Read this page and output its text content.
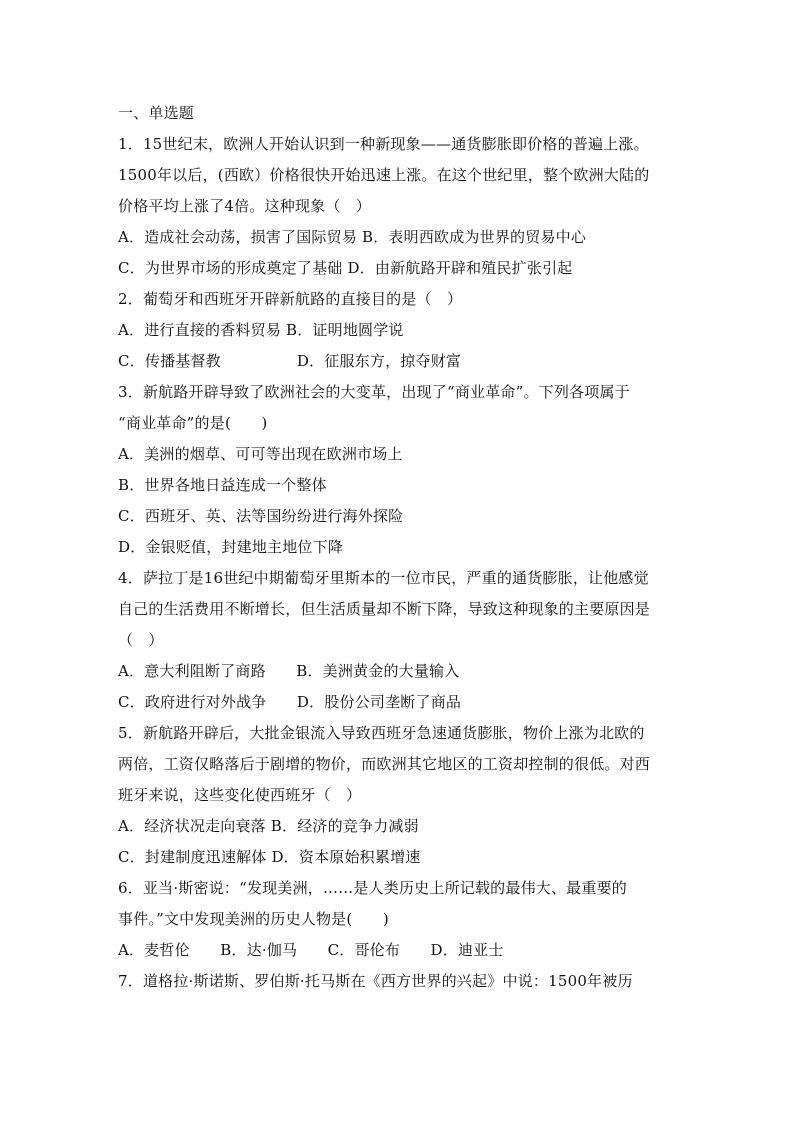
一、单选题
1．15世纪末，欧洲人开始认识到一种新现象——通货膨胀即价格的普遍上涨。
1500年以后，(西欧）价格很快开始迅速上涨。在这个世纪里，整个欧洲大陆的
价格平均上涨了4倍。这种现象（　）
A．造成社会动荡，损害了国际贸易 B．表明西欧成为世界的贸易中心
C．为世界市场的形成奠定了基础 D．由新航路开辟和殖民扩张引起
2．葡萄牙和西班牙开辟新航路的直接目的是（　）
A．进行直接的香料贸易 B．证明地圆学说
C．传播基督教　　　　　D．征服东方，掠夺财富
3．新航路开辟导致了欧洲社会的大变革，出现了“商业革命”。下列各项属于
“商业革命”的是(　　)
A．美洲的烟草、可可等出现在欧洲市场上
B．世界各地日益连成一个整体
C．西班牙、英、法等国纷纷进行海外探险
D．金银贬值，封建地主地位下降
4．萨拉丁是16世纪中期葡萄牙里斯本的一位市民，严重的通货膨胀，让他感觉
自己的生活费用不断增长，但生活质量却不断下降，导致这种现象的主要原因是
（　）
A．意大利阻断了商路　　B．美洲黄金的大量输入
C．政府进行对外战争　　D．股份公司垄断了商品
5．新航路开辟后，大批金银流入导致西班牙急速通货膨胀，物价上涨为北欧的
两倍，工资仅略落后于剧增的物价，而欧洲其它地区的工资却控制的很低。对西
班牙来说，这些变化使西班牙（　）
A．经济状况走向衰落 B．经济的竞争力减弱
C．封建制度迅速解体 D．资本原始积累增速
6．亚当·斯密说：“发现美洲，……是人类历史上所记载的最伟大、最重要的
事件。”文中发现美洲的历史人物是(　　)
A．麦哲伦　　B．达·伽马　　C．哥伦布　　D．迪亚士
7．道格拉·斯诺斯、罗伯斯·托马斯在《西方世界的兴起》中说：1500年被历
